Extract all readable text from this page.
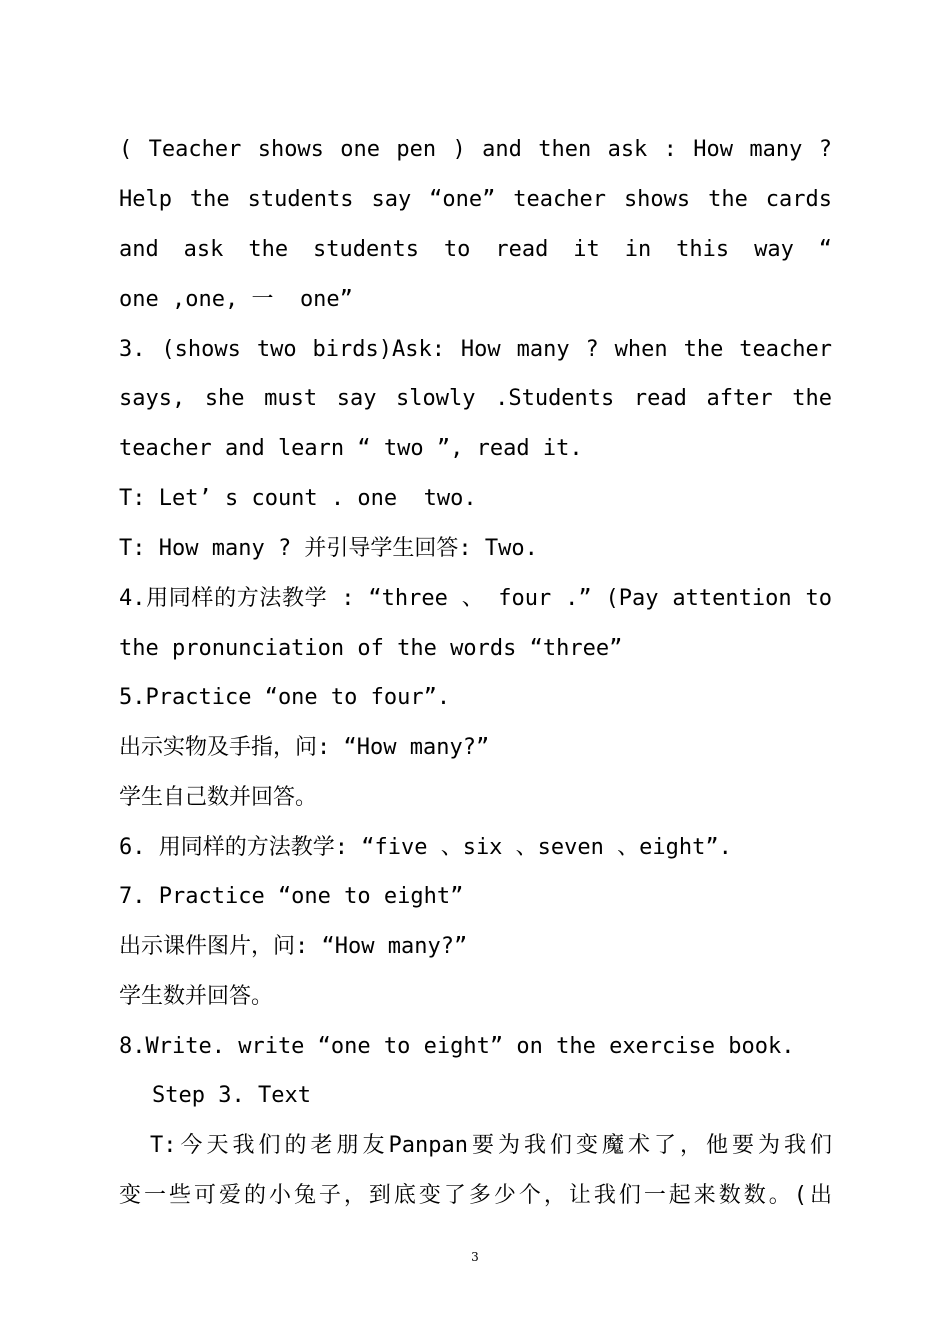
( Teacher shows one pen ) and then ask : How many ?
Help the students say “one” teacher shows the cards
and ask the students to read it in this way “
one ,one, 一  one”
3. (shows two birds)Ask: How many ? when the teacher
says, she must say slowly .Students read after the
teacher and learn “ two ”, read it.
T: Let’ s count . one  two.
T: How many ? 并引导学生回答: Two.
4.用同样的方法教学 : “three 、 four .” (Pay attention to
the pronunciation of the words “three”
5.Practice “one to four”.
出示实物及手指，问: “How many?”
学生自己数并回答。
6. 用同样的方法教学: “five 、six 、seven 、eight”.
7. Practice “one to eight”
出示课件图片，问: “How many?”
学生数并回答。
8.Write. write “one to eight” on the exercise book.
Step 3. Text
T:今天我们的老朋友Panpan要为我们变魔术了，他要为我们
变一些可爱的小兔子，到底变了多少个，让我们一起来数数。(出
3
